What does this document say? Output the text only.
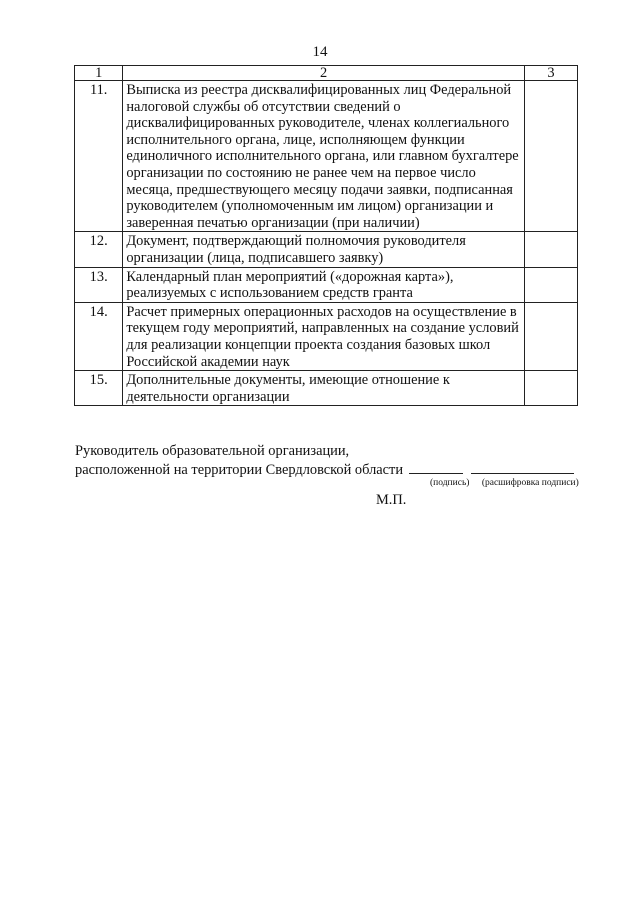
14
1	2	3
11.	Выписка из реестра дисквалифицированных лиц Федеральной налоговой службы об отсутствии сведений о дисквалифицированных руководителе, членах коллегиального исполнительного органа, лице, исполняющем функции единоличного исполнительного органа, или главном бухгалтере организации по состоянию не ранее чем на первое число месяца, предшествующего месяцу подачи заявки, подписанная руководителем (уполномоченным им лицом) организации и заверенная печатью организации (при наличии)	
12.	Документ, подтверждающий полномочия руководителя организации (лица, подписавшего заявку)	
13.	Календарный план мероприятий («дорожная карта»), реализуемых с использованием средств гранта	
14.	Расчет примерных операционных расходов на осуществление в текущем году мероприятий, направленных на создание условий для реализации концепции проекта создания базовых школ Российской академии наук	
15.	Дополнительные документы, имеющие отношение к деятельности организации	
Руководитель образовательной организации,
расположенной на территории Свердловской области
(подпись) (расшифровка подписи)
М.П.
